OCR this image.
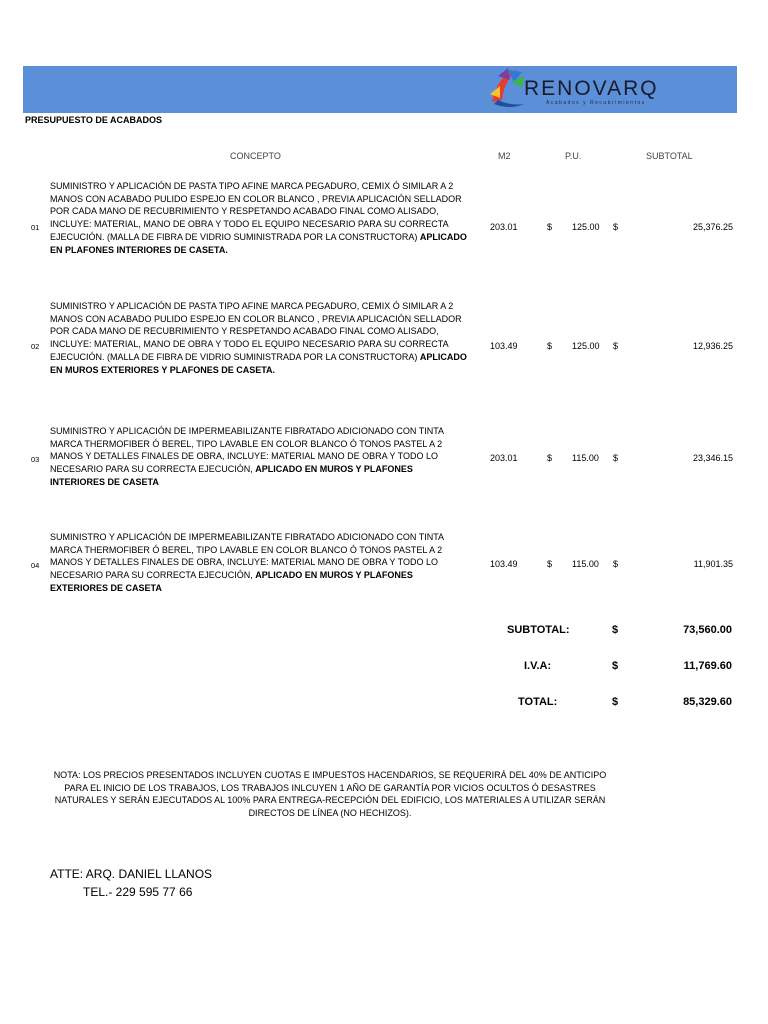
RENOVARQ
Acabados y Recubrimientos
PRESUPUESTO DE ACABADOS
CONCEPTO	M2	P.U.	SUBTOTAL
01
SUMINISTRO Y APLICACIÓN DE PASTA TIPO AFINE MARCA PEGADURO, CEMIX Ó SIMILAR A 2 MANOS CON ACABADO PULIDO ESPEJO EN COLOR BLANCO , PREVIA APLICACIÓN SELLADOR POR CADA MANO DE RECUBRIMIENTO Y RESPETANDO ACABADO FINAL COMO ALISADO, INCLUYE: MATERIAL, MANO DE OBRA Y TODO EL EQUIPO NECESARIO PARA SU CORRECTA EJECUCIÓN. (MALLA DE FIBRA DE VIDRIO SUMINISTRADA POR LA CONSTRUCTORA) APLICADO EN PLAFONES INTERIORES DE CASETA.
203.01	$ 125.00 $	25,376.25
02
SUMINISTRO Y APLICACIÓN DE PASTA TIPO AFINE MARCA PEGADURO, CEMIX Ó SIMILAR A 2 MANOS CON ACABADO PULIDO ESPEJO EN COLOR BLANCO , PREVIA APLICACIÓN SELLADOR POR CADA MANO DE RECUBRIMIENTO Y RESPETANDO ACABADO FINAL COMO ALISADO, INCLUYE: MATERIAL, MANO DE OBRA Y TODO EL EQUIPO NECESARIO PARA SU CORRECTA EJECUCIÓN. (MALLA DE FIBRA DE VIDRIO SUMINISTRADA POR LA CONSTRUCTORA) APLICADO EN MUROS EXTERIORES Y PLAFONES DE CASETA.
103.49	$ 125.00 $	12,936.25
03
SUMINISTRO Y APLICACIÓN DE IMPERMEABILIZANTE FIBRATADO ADICIONADO CON TINTA MARCA THERMOFIBER Ó BEREL, TIPO LAVABLE EN COLOR BLANCO Ó TONOS PASTEL A 2 MANOS Y DETALLES FINALES DE OBRA, INCLUYE: MATERIAL MANO DE OBRA Y TODO LO NECESARIO PARA SU CORRECTA EJECUCIÓN, APLICADO EN MUROS Y PLAFONES INTERIORES DE CASETA
203.01	$ 115.00 $	23,346.15
04
SUMINISTRO Y APLICACIÓN DE IMPERMEABILIZANTE FIBRATADO ADICIONADO CON TINTA MARCA THERMOFIBER Ó BEREL, TIPO LAVABLE EN COLOR BLANCO Ó TONOS PASTEL A 2 MANOS Y DETALLES FINALES DE OBRA, INCLUYE: MATERIAL MANO DE OBRA Y TODO LO NECESARIO PARA SU CORRECTA EJECUCIÓN, APLICADO EN MUROS Y PLAFONES EXTERIORES DE CASETA
103.49	$ 115.00 $	11,901.35
SUBTOTAL:	$	73,560.00
I.V.A:	$	11,769.60
TOTAL:	$	85,329.60
NOTA: LOS PRECIOS PRESENTADOS INCLUYEN CUOTAS E IMPUESTOS HACENDARIOS, SE REQUERIRÁ DEL 40% DE ANTICIPO PARA EL INICIO DE LOS TRABAJOS, LOS TRABAJOS INLCUYEN 1 AÑO DE GARANTÍA POR VICIOS OCULTOS Ó DESASTRES NATURALES Y SERÁN EJECUTADOS AL 100% PARA ENTREGA-RECEPCIÓN DEL EDIFICIO, LOS MATERIALES A UTILIZAR SERÁN DIRECTOS DE LÍNEA (NO HECHIZOS).
ATTE: ARQ. DANIEL LLANOS
TEL.- 229 595 77 66
